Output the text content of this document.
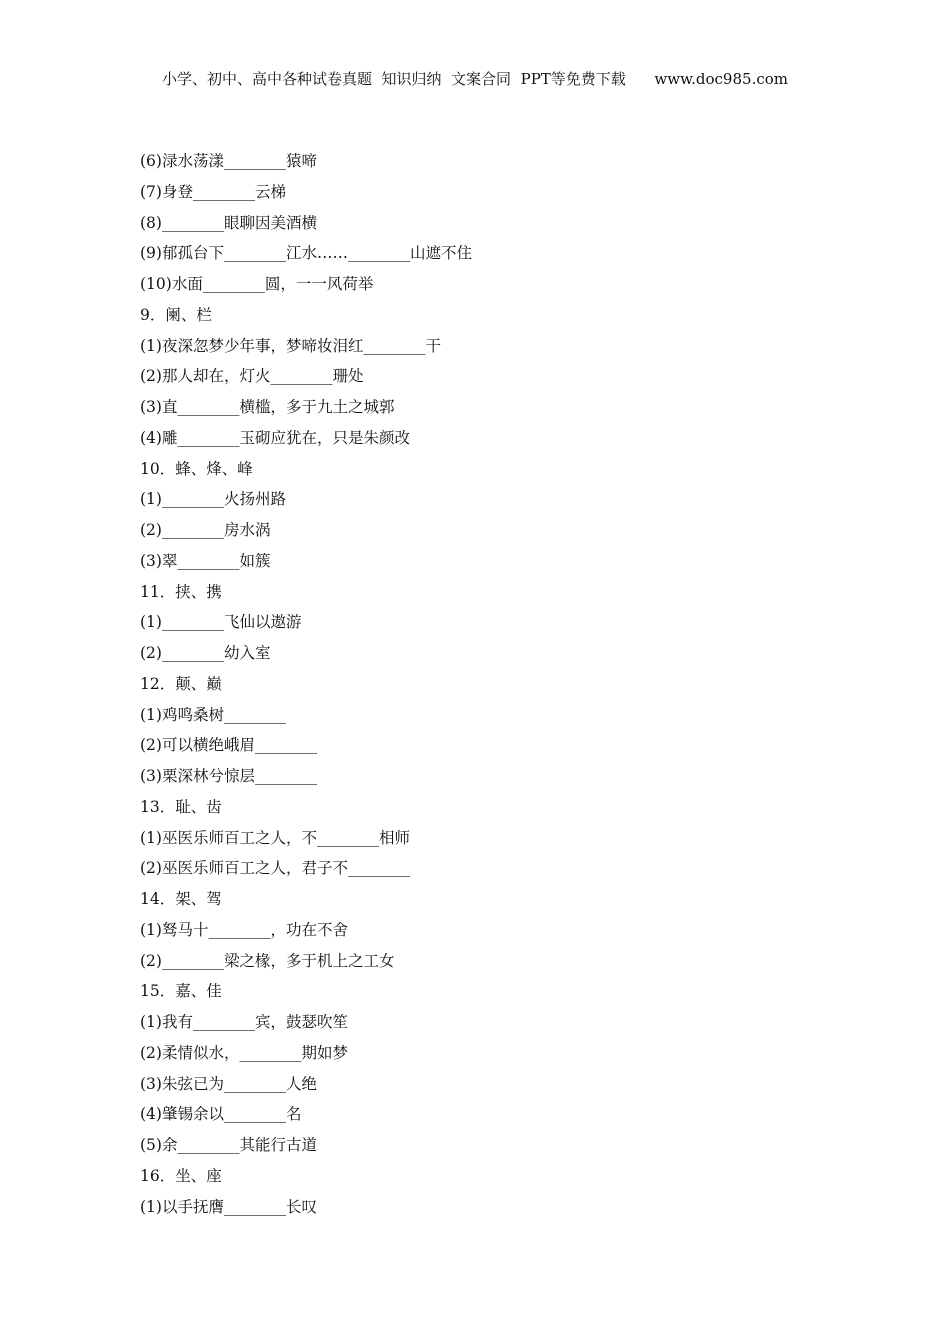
小学、初中、高中各种试卷真题  知识归纳  文案合同  PPT等免费下载      www.doc985.com
(6)渌水荡漾________猿啼
(7)身登________云梯
(8)________眼聊因美酒横
(9)郁孤台下________江水……________山遮不住
(10)水面________圆，一一风荷举
9．阑、栏
(1)夜深忽梦少年事，梦啼妆泪红________干
(2)那人却在，灯火________珊处
(3)直________横槛，多于九土之城郭
(4)雕________玉砌应犹在，只是朱颜改
10．蜂、烽、峰
(1)________火扬州路
(2)________房水涡
(3)翠________如簇
11．挟、携
(1)________飞仙以遨游
(2)________幼入室
12．颠、巅
(1)鸡鸣桑树________
(2)可以横绝峨眉________
(3)栗深林兮惊层________
13．耻、齿
(1)巫医乐师百工之人，不________相师
(2)巫医乐师百工之人，君子不________
14．架、驾
(1)驽马十________，功在不舍
(2)________梁之椽，多于机上之工女
15．嘉、佳
(1)我有________宾，鼓瑟吹笙
(2)柔情似水，________期如梦
(3)朱弦已为________人绝
(4)肇锡余以________名
(5)余________其能行古道
16．坐、座
(1)以手抚膺________长叹
